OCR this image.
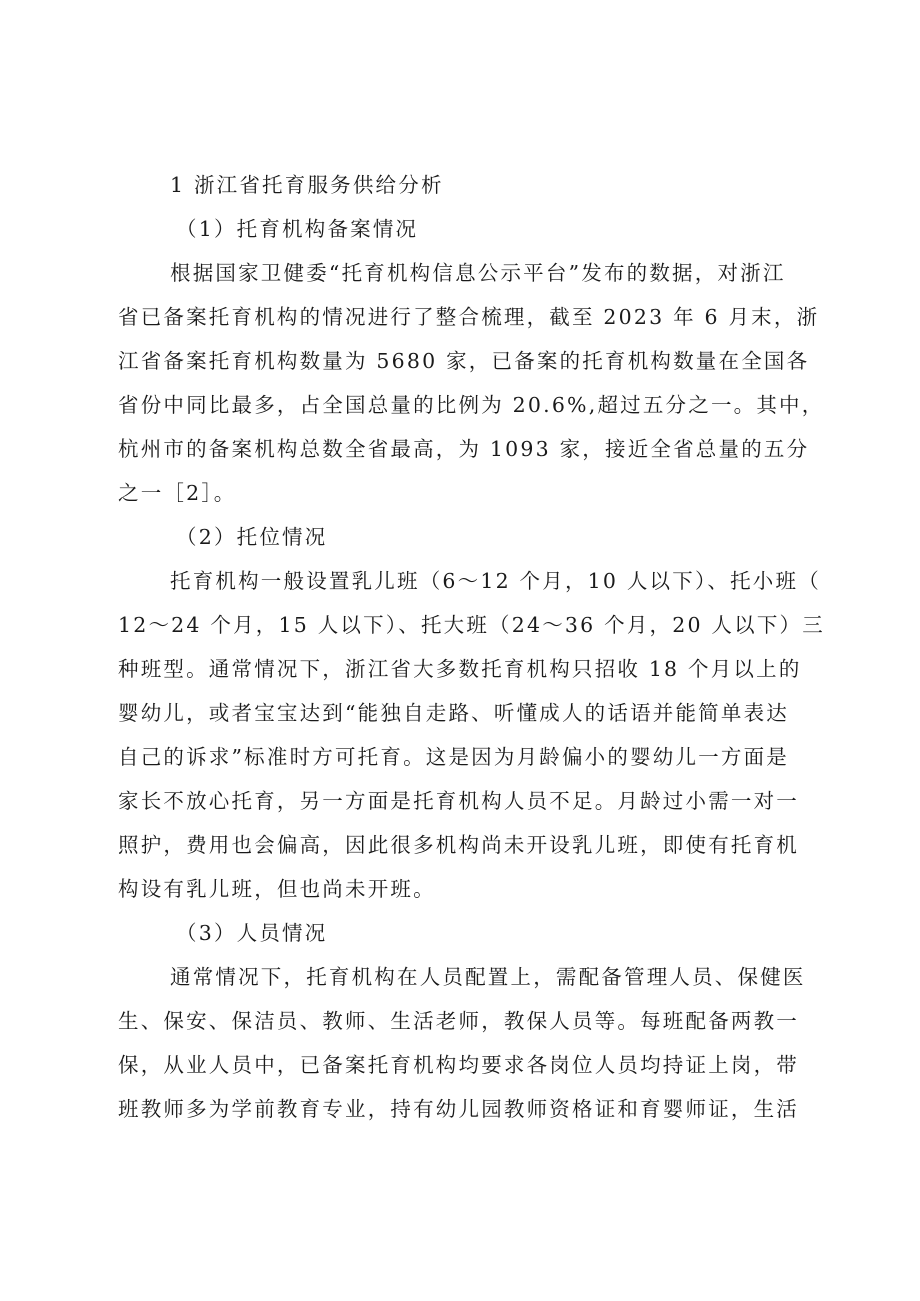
1 浙江省托育服务供给分析

（1）托育机构备案情况

根据国家卫健委“托育机构信息公示平台”发布的数据，对浙江

省已备案托育机构的情况进行了整合梳理，截至 2023 年 6 月末，浙

江省备案托育机构数量为 5680 家，已备案的托育机构数量在全国各

省份中同比最多，占全国总量的比例为 20.6%,超过五分之一。其中，

杭州市的备案机构总数全省最高，为 1093 家，接近全省总量的五分

之一［2］。

（2）托位情况

托育机构一般设置乳儿班（6～12 个月，10 人以下）、托小班（

12～24 个月，15 人以下）、托大班（24～36 个月，20 人以下）三

种班型。通常情况下，浙江省大多数托育机构只招收 18 个月以上的

婴幼儿，或者宝宝达到“能独自走路、听懂成人的话语并能简单表达

自己的诉求”标准时方可托育。这是因为月龄偏小的婴幼儿一方面是

家长不放心托育，另一方面是托育机构人员不足。月龄过小需一对一

照护，费用也会偏高，因此很多机构尚未开设乳儿班，即使有托育机

构设有乳儿班，但也尚未开班。

（3）人员情况

通常情况下，托育机构在人员配置上，需配备管理人员、保健医

生、保安、保洁员、教师、生活老师，教保人员等。每班配备两教一

保，从业人员中，已备案托育机构均要求各岗位人员均持证上岗，带

班教师多为学前教育专业，持有幼儿园教师资格证和育婴师证，生活
